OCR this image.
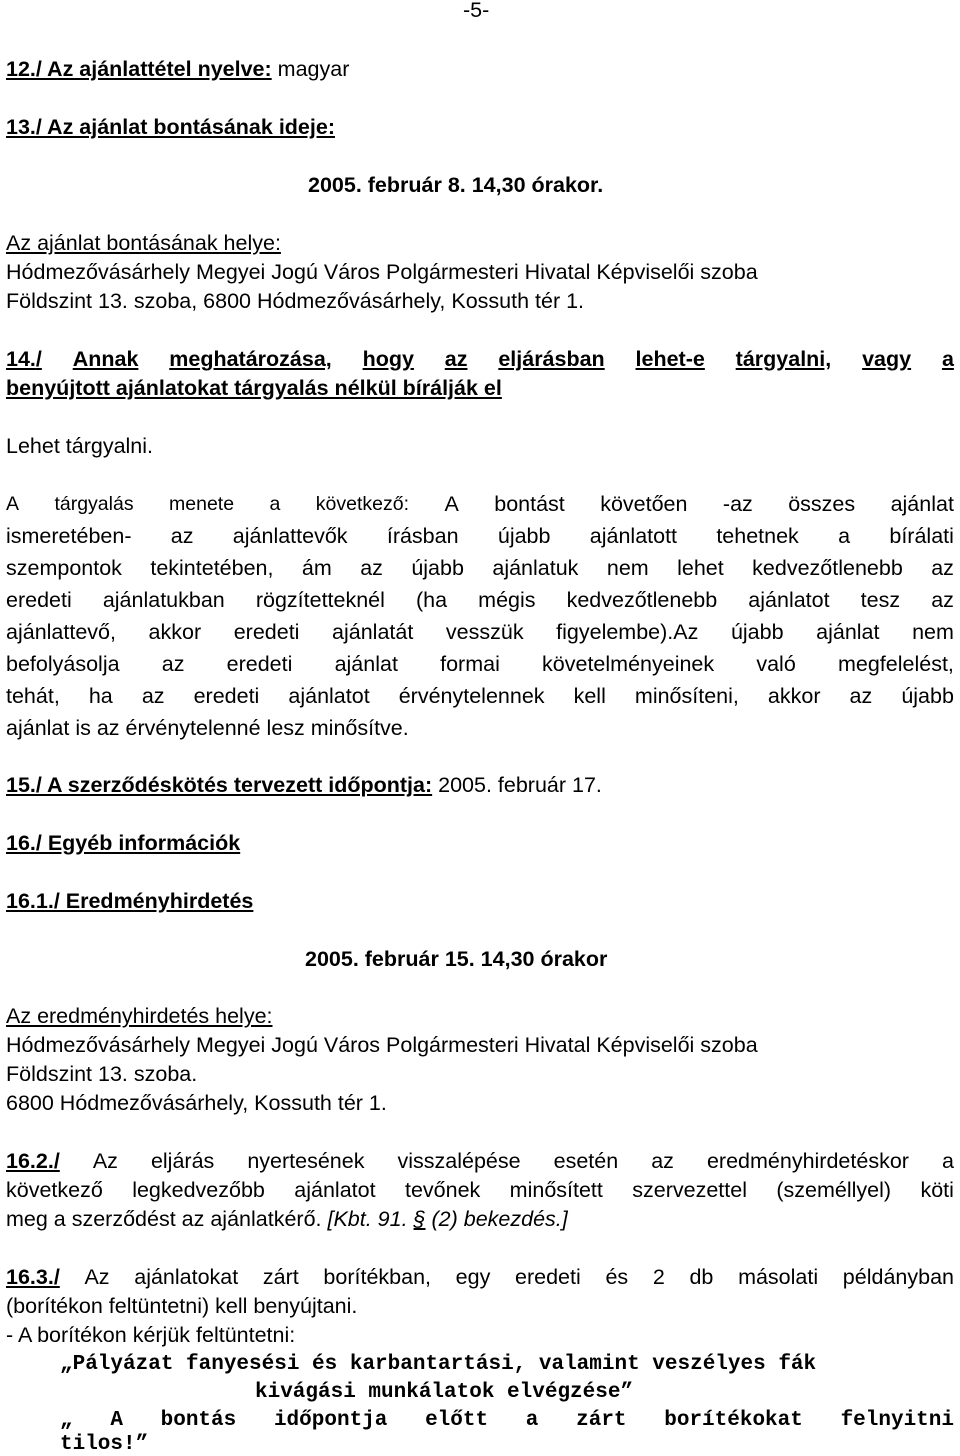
-5-
12./ Az ajánlattétel nyelve: magyar
13./ Az ajánlat bontásának ideje:
2005. február 8. 14,30 órakor.
Az ajánlat bontásának helye:
Hódmezővásárhely Megyei Jogú Város Polgármesteri Hivatal Képviselői szoba
Földszint 13. szoba, 6800 Hódmezővásárhely, Kossuth tér 1.
14./ Annak meghatározása, hogy az eljárásban lehet-e tárgyalni, vagy a
benyújtott ajánlatokat tárgyalás nélkül bírálják el
Lehet tárgyalni.
A tárgyalás menete a következő: A bontást követően -az összes ajánlat
ismeretében- az ajánlattevők írásban újabb ajánlatott tehetnek a bírálati
szempontok tekintetében, ám az újabb ajánlatuk nem lehet kedvezőtlenebb az
eredeti ajánlatukban rögzítetteknél (ha mégis kedvezőtlenebb ajánlatot tesz az
ajánlattevő, akkor eredeti ajánlatát vesszük figyelembe).Az újabb ajánlat nem
befolyásolja az eredeti ajánlat formai követelményeinek való megfelelést,
tehát, ha az eredeti ajánlatot érvénytelennek kell minősíteni, akkor az újabb
ajánlat is az érvénytelenné lesz minősítve.
15./ A szerződéskötés tervezett időpontja: 2005. február 17.
16./ Egyéb információk
16.1./ Eredményhirdetés
2005. február 15. 14,30 órakor
Az eredményhirdetés helye:
Hódmezővásárhely Megyei Jogú Város Polgármesteri Hivatal Képviselői szoba
Földszint 13. szoba.
6800 Hódmezővásárhely, Kossuth tér 1.
16.2./ Az eljárás nyertesének visszalépése esetén az eredményhirdetéskor a
következő legkedvezőbb ajánlatot tevőnek minősített szervezettel (személlyel) köti
meg a szerződést az ajánlatkérő. [Kbt. 91. § (2) bekezdés.]
16.3./ Az ajánlatokat zárt borítékban, egy eredeti és 2 db másolati példányban
(borítékon feltüntetni) kell benyújtani.
- A borítékon kérjük feltüntetni:
„Pályázat fanyesési és karbantartási, valamint veszélyes fák
kivágási munkálatok elvégzése”
„ A bontás időpontja előtt a zárt borítékokat felnyitni
tilos!”
